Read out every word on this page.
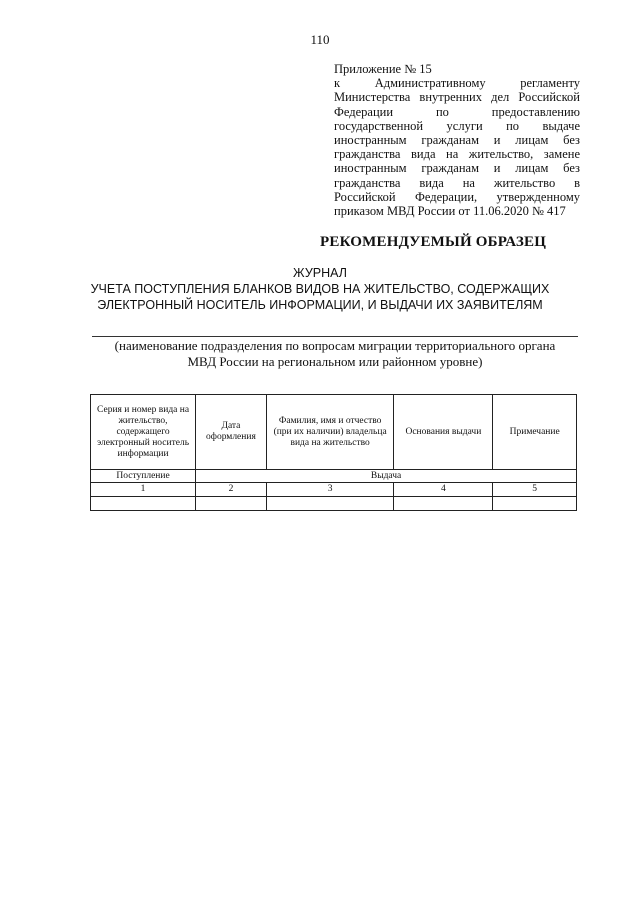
110
Приложение № 15
к Административному регламенту Министерства внутренних дел Российской Федерации по предоставлению государственной услуги по выдаче иностранным гражданам и лицам без гражданства вида на жительство, замене иностранным гражданам и лицам без гражданства вида на жительство в Российской Федерации, утвержденному приказом МВД России от 11.06.2020 № 417
РЕКОМЕНДУЕМЫЙ ОБРАЗЕЦ
ЖУРНАЛ
УЧЕТА ПОСТУПЛЕНИЯ БЛАНКОВ ВИДОВ НА ЖИТЕЛЬСТВО, СОДЕРЖАЩИХ
ЭЛЕКТРОННЫЙ НОСИТЕЛЬ ИНФОРМАЦИИ, И ВЫДАЧИ ИХ ЗАЯВИТЕЛЯМ
(наименование подразделения по вопросам миграции территориального органа
МВД России на региональном или районном уровне)
Серия и номер вида на жительство, содержащего электронный носитель информации	Дата оформления	Фамилия, имя и отчество (при их наличии) владельца вида на жительство	Основания выдачи	Примечание
Поступление	Выдача			
1	2	3	4	5
